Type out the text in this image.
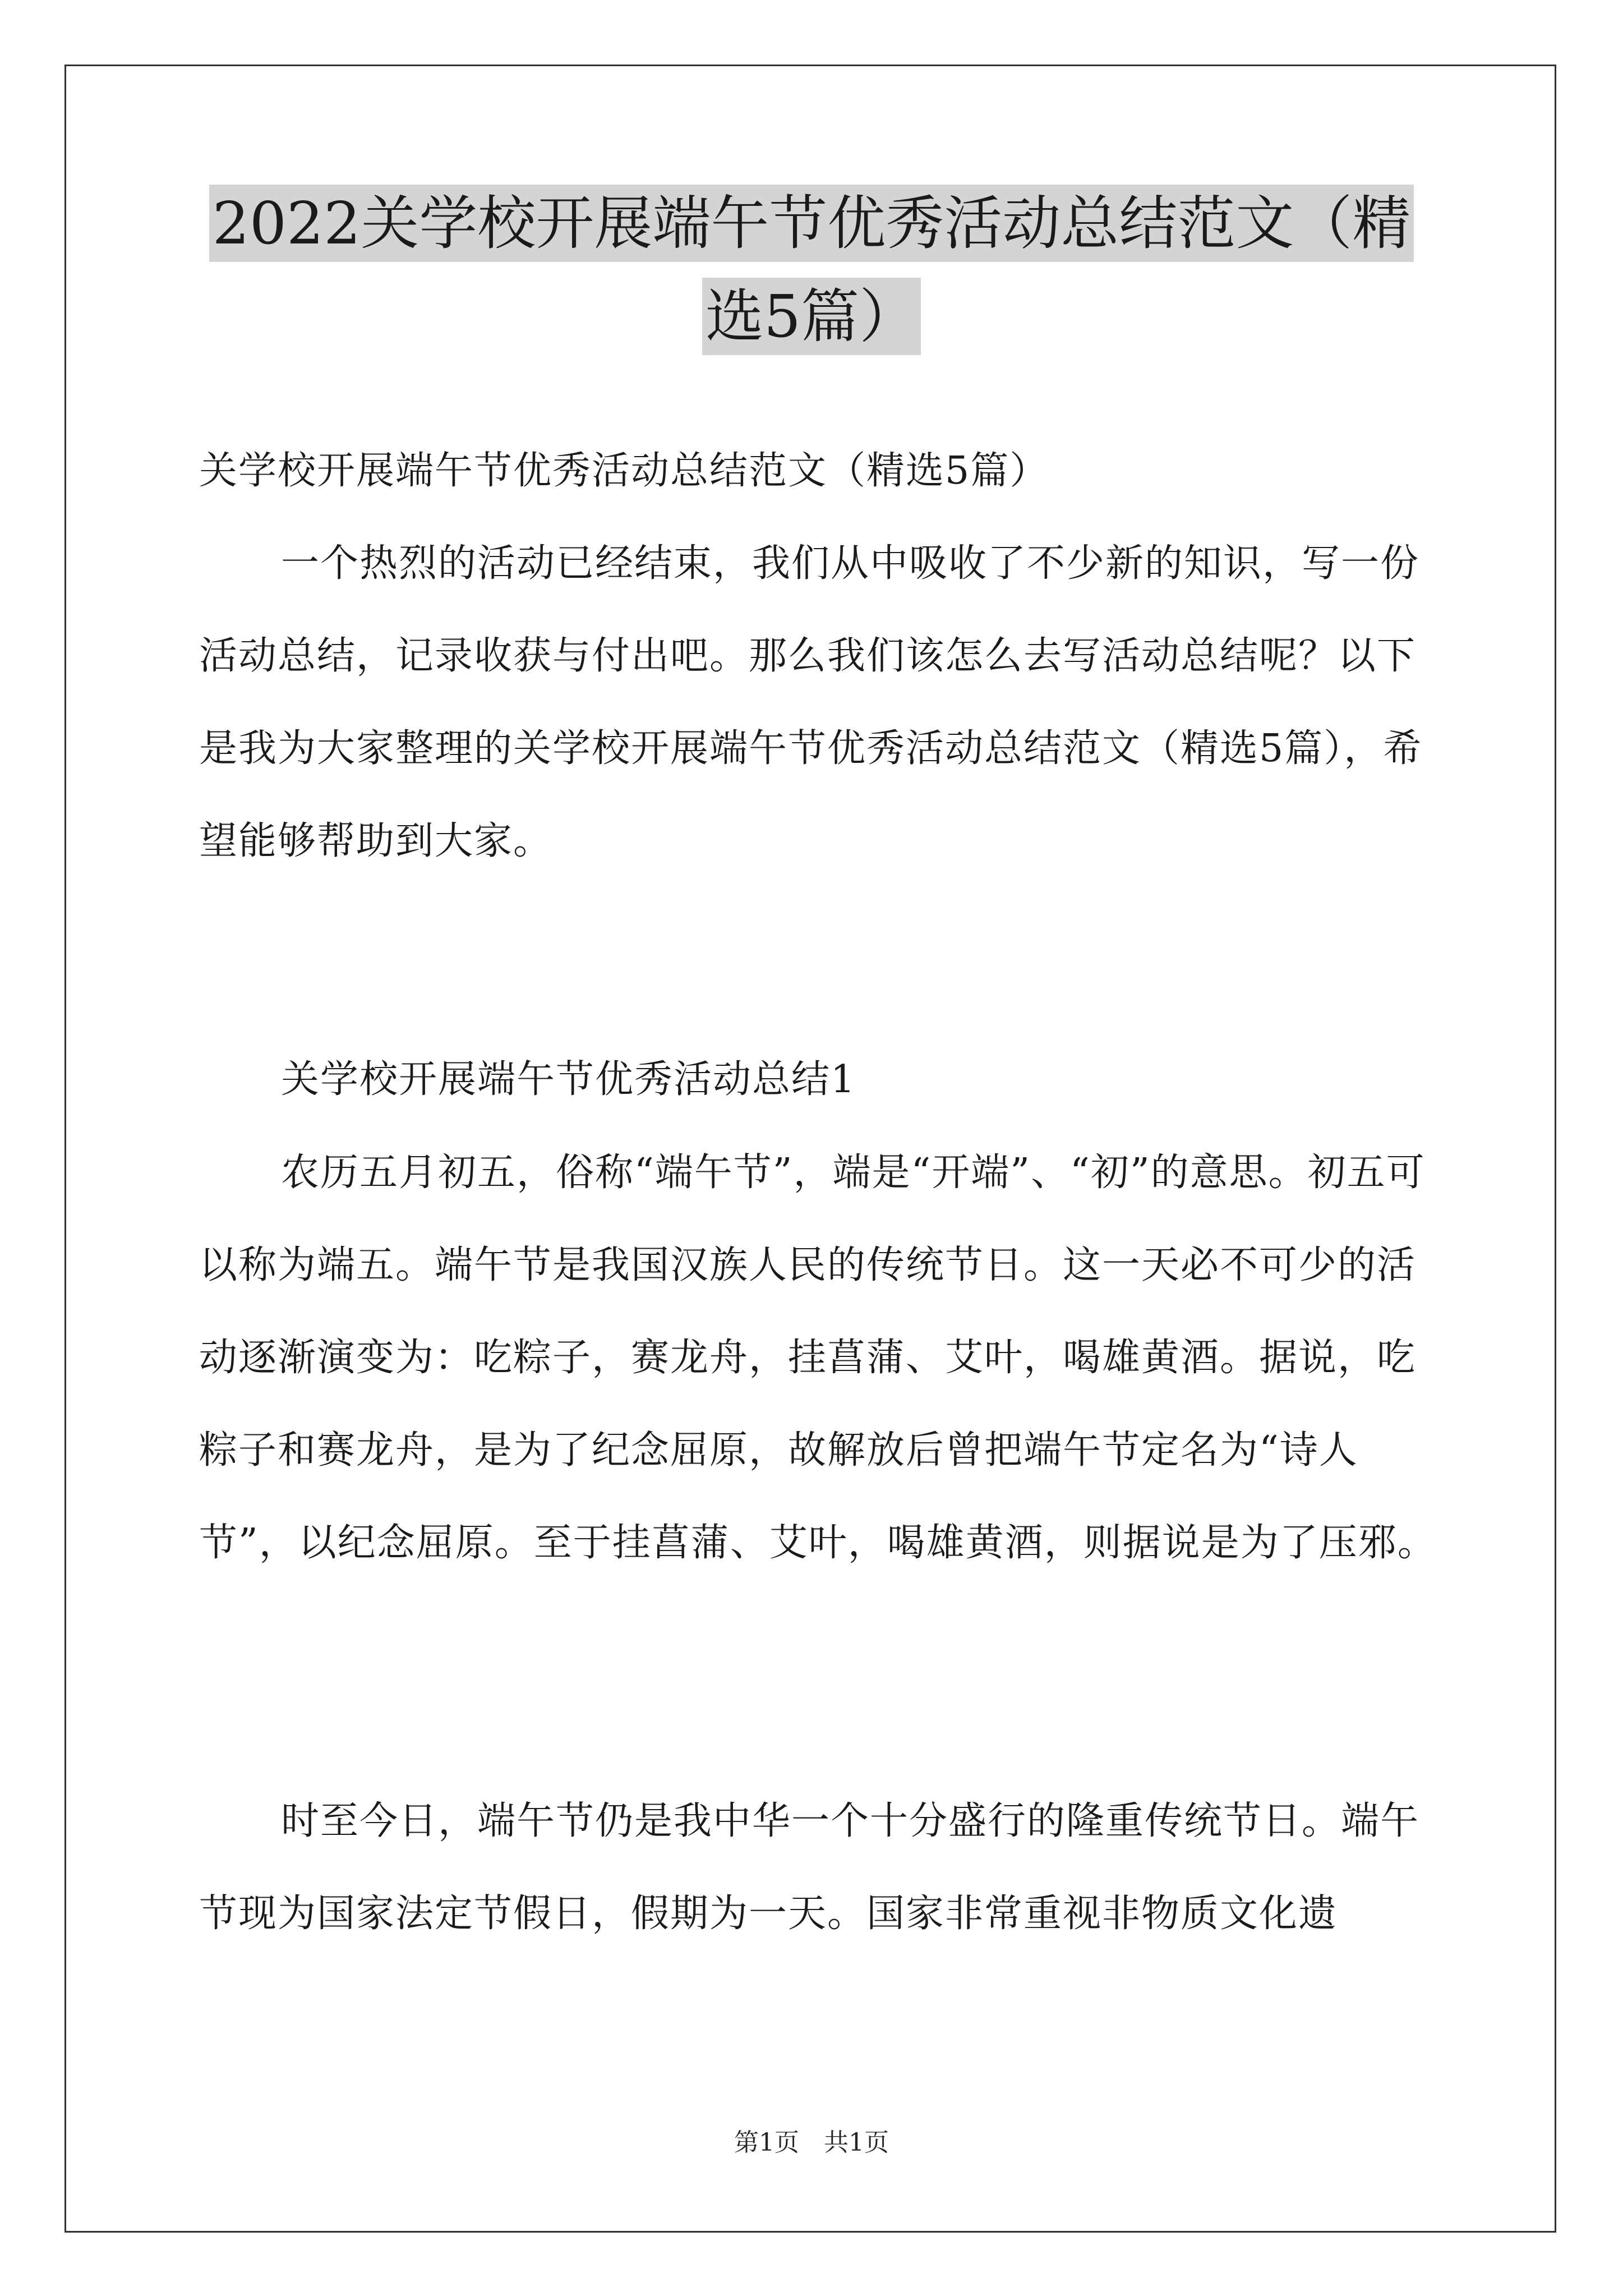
2022关学校开展端午节优秀活动总结范文（精
选5篇）

关学校开展端午节优秀活动总结范文（精选5篇）

一个热烈的活动已经结束，我们从中吸收了不少新的知识，写一份活动总结，记录收获与付出吧。那么我们该怎么去写活动总结呢？以下是我为大家整理的关学校开展端午节优秀活动总结范文（精选5篇），希望能够帮助到大家。

关学校开展端午节优秀活动总结1

农历五月初五，俗称“端午节”，端是“开端”、“初”的意思。初五可以称为端五。端午节是我国汉族人民的传统节日。这一天必不可少的活动逐渐演变为：吃粽子，赛龙舟，挂菖蒲、艾叶，喝雄黄酒。据说，吃粽子和赛龙舟，是为了纪念屈原，故解放后曾把端午节定名为“诗人节”，以纪念屈原。至于挂菖蒲、艾叶，喝雄黄酒，则据说是为了压邪。

时至今日，端午节仍是我中华一个十分盛行的隆重传统节日。端午节现为国家法定节假日，假期为一天。国家非常重视非物质文化遗

第1页 共1页
